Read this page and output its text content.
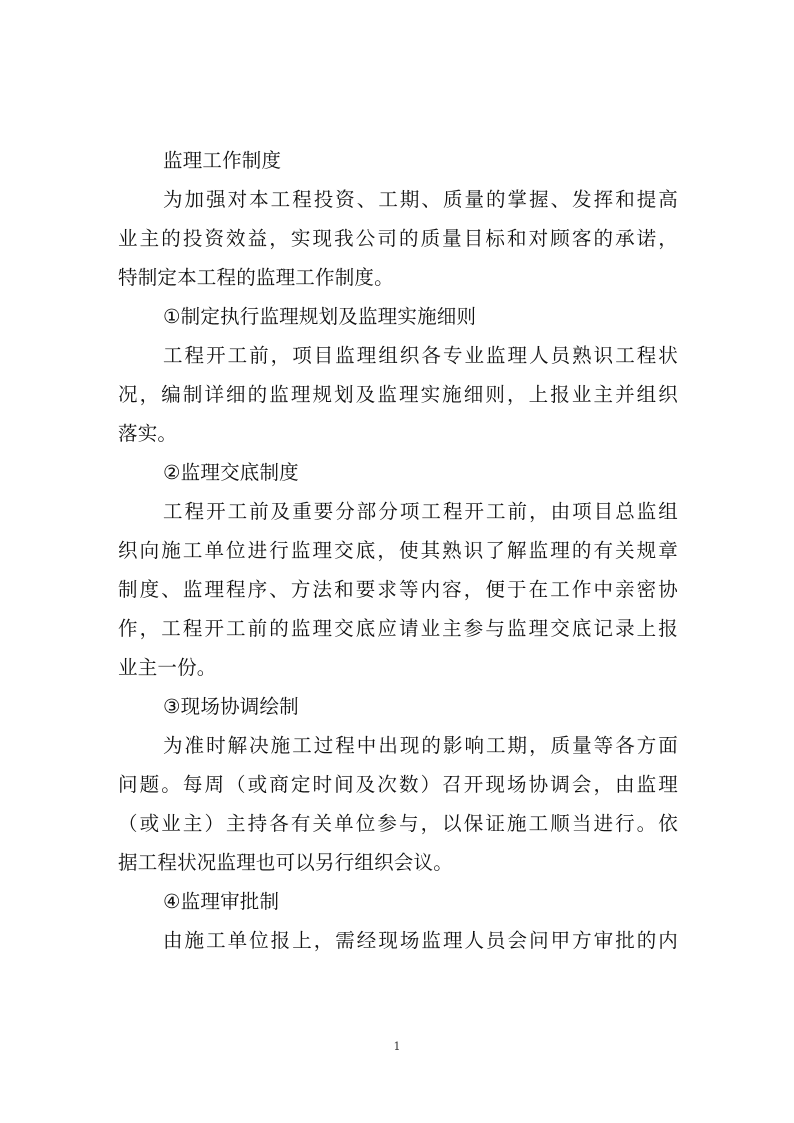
监理工作制度

为加强对本工程投资、工期、质量的掌握、发挥和提高
业主的投资效益，实现我公司的质量目标和对顾客的承诺，
特制定本工程的监理工作制度。

①制定执行监理规划及监理实施细则

工程开工前，项目监理组织各专业监理人员熟识工程状
况，编制详细的监理规划及监理实施细则，上报业主并组织
落实。

②监理交底制度

工程开工前及重要分部分项工程开工前，由项目总监组
织向施工单位进行监理交底，使其熟识了解监理的有关规章
制度、监理程序、方法和要求等内容，便于在工作中亲密协
作，工程开工前的监理交底应请业主参与监理交底记录上报
业主一份。

③现场协调绘制

为准时解决施工过程中出现的影响工期，质量等各方面
问题。每周（或商定时间及次数）召开现场协调会，由监理
（或业主）主持各有关单位参与，以保证施工顺当进行。依
据工程状况监理也可以另行组织会议。

④监理审批制

由施工单位报上，需经现场监理人员会问甲方审批的内
1
